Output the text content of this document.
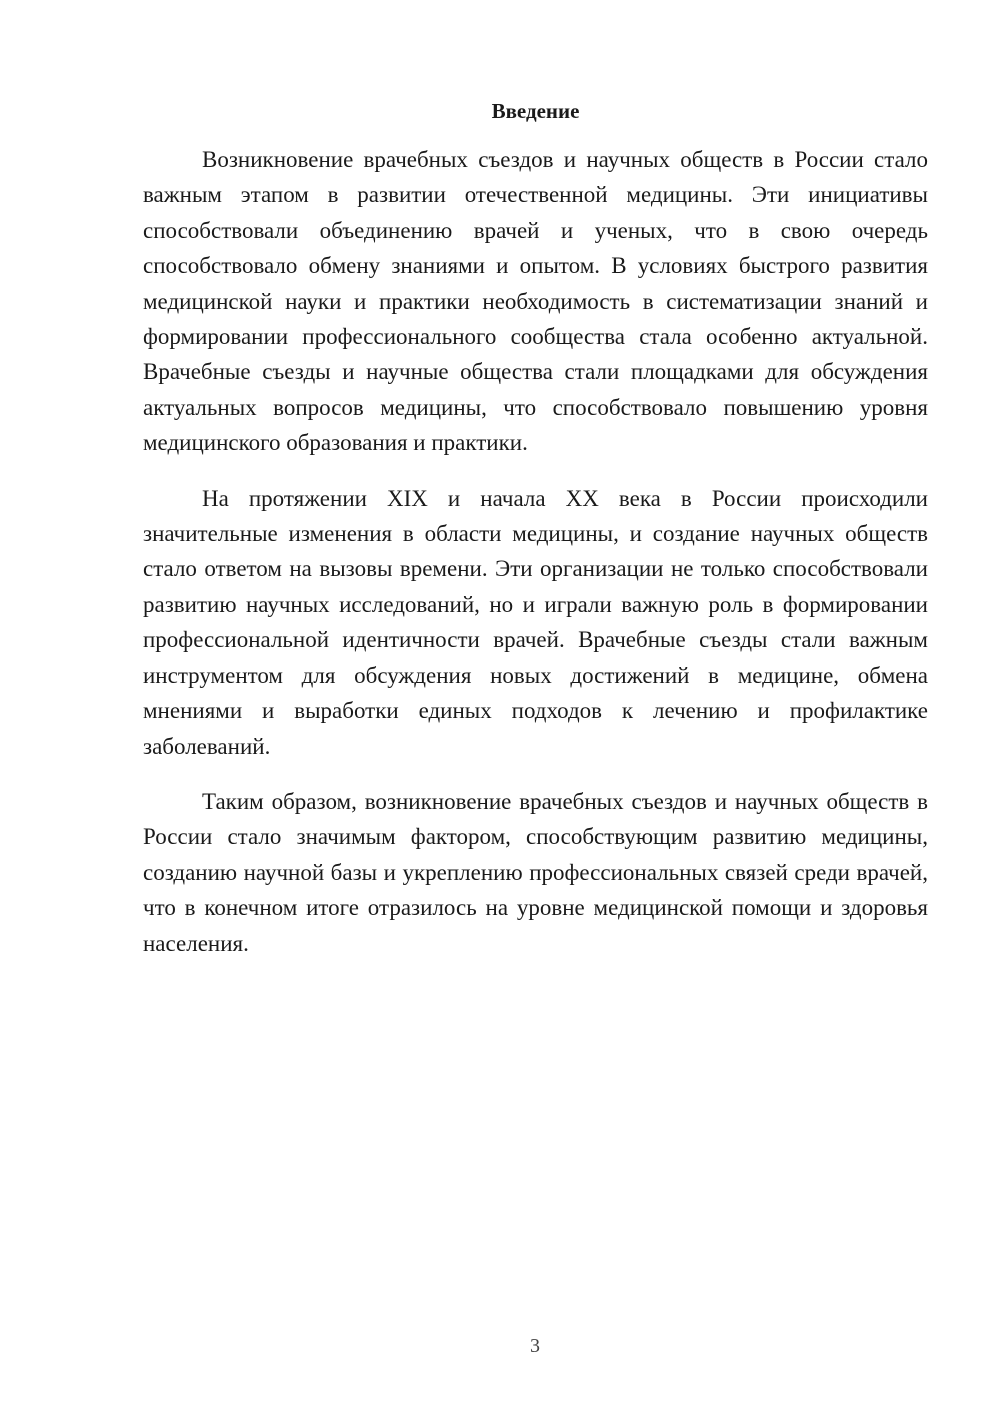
Введение

Возникновение врачебных съездов и научных обществ в России стало важным этапом в развитии отечественной медицины. Эти инициативы способствовали объединению врачей и ученых, что в свою очередь способствовало обмену знаниями и опытом. В условиях быстрого развития медицинской науки и практики необходимость в систематизации знаний и формировании профессионального сообщества стала особенно актуальной. Врачебные съезды и научные общества стали площадками для обсуждения актуальных вопросов медицины, что способствовало повышению уровня медицинского образования и практики.

На протяжении XIX и начала XX века в России происходили значительные изменения в области медицины, и создание научных обществ стало ответом на вызовы времени. Эти организации не только способствовали развитию научных исследований, но и играли важную роль в формировании профессиональной идентичности врачей. Врачебные съезды стали важным инструментом для обсуждения новых достижений в медицине, обмена мнениями и выработки единых подходов к лечению и профилактике заболеваний.

Таким образом, возникновение врачебных съездов и научных обществ в России стало значимым фактором, способствующим развитию медицины, созданию научной базы и укреплению профессиональных связей среди врачей, что в конечном итоге отразилось на уровне медицинской помощи и здоровья населения.

3
